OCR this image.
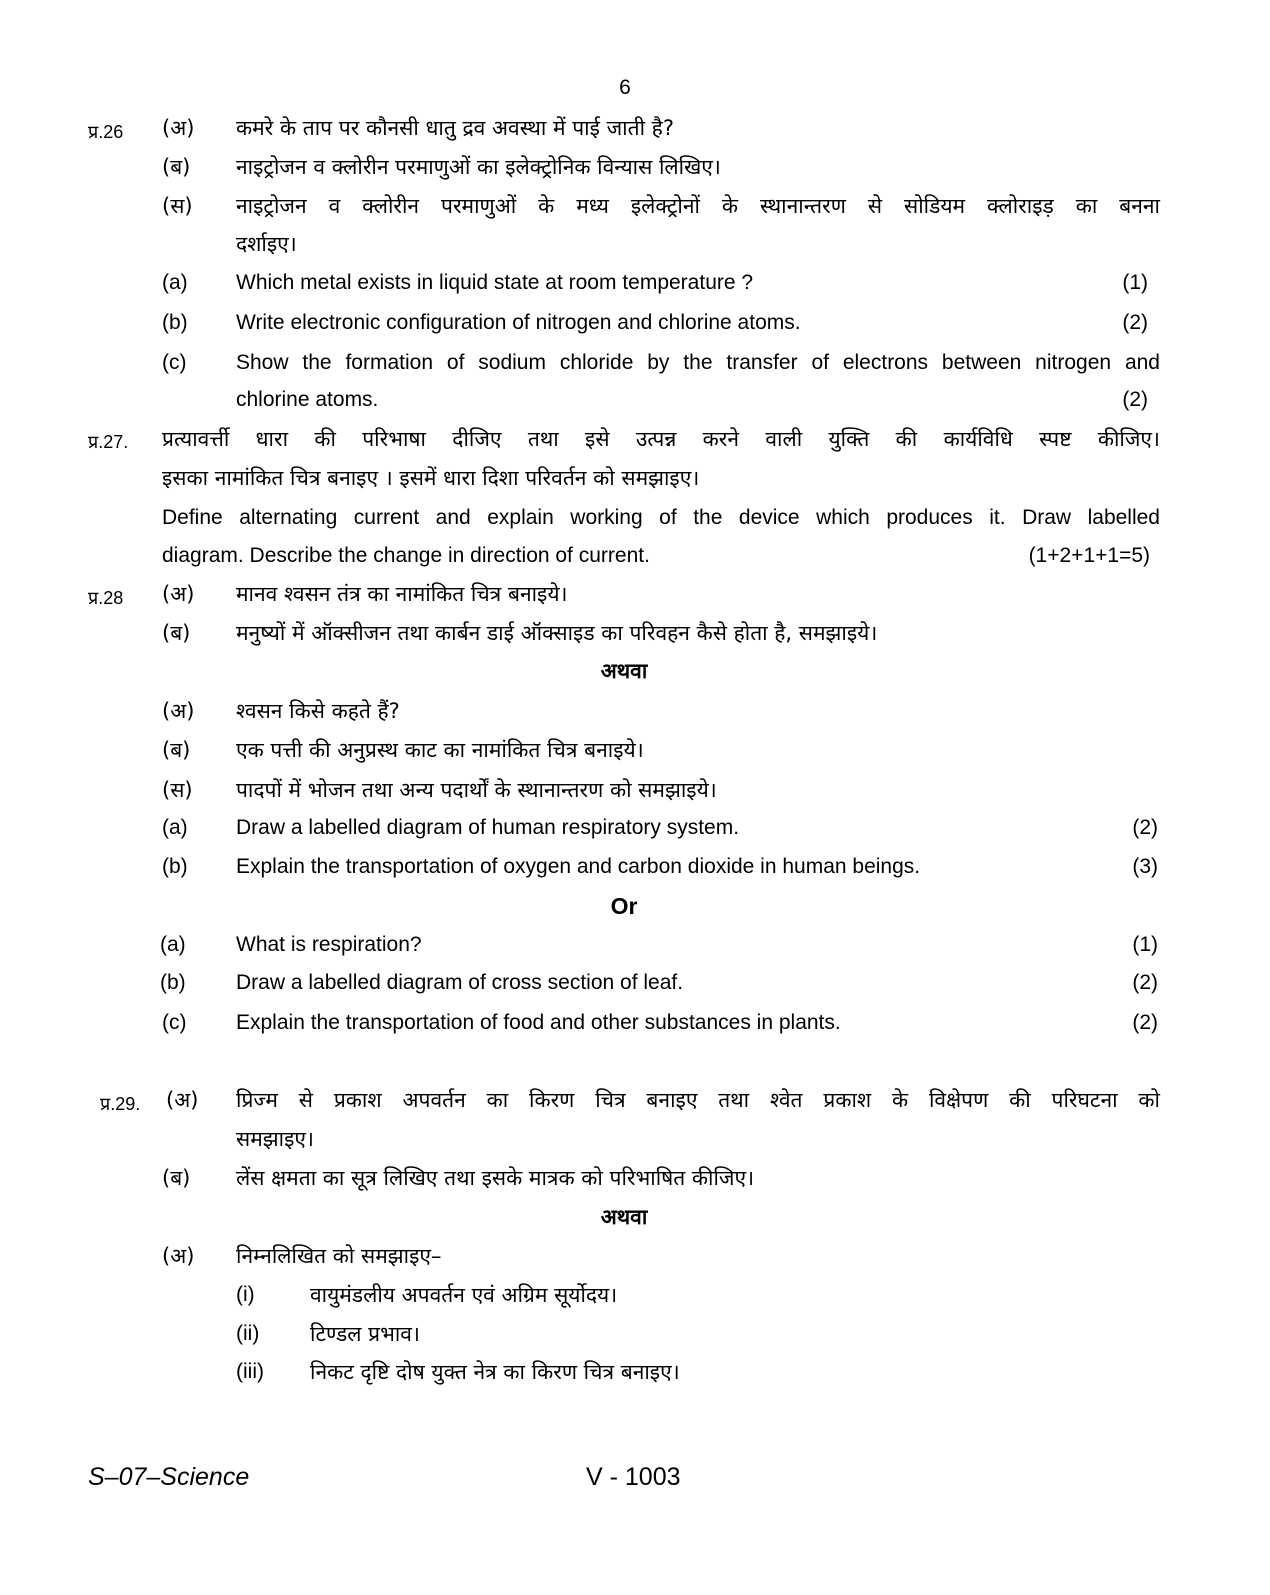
6
प्र.26 (अ) कमरे के ताप पर कौनसी धातु द्रव अवस्था में पाई जाती है?
(ब) नाइट्रोजन व क्लोरीन परमाणुओं का इलेक्ट्रोनिक विन्यास लिखिए।
(स) नाइट्रोजन व क्लोरीन परमाणुओं के मध्य इलेक्ट्रोनों के स्थानान्तरण से सोडियम क्लोराइड़ का बनना
दर्शाइए।
(a) Which metal exists in liquid state at room temperature ?	(1)
(b) Write electronic configuration of nitrogen and chlorine atoms.	(2)
(c) Show the formation of sodium chloride by the transfer of electrons between nitrogen and
chlorine atoms.	(2)
प्र.27. प्रत्यावर्त्ती धारा की परिभाषा दीजिए तथा इसे उत्पन्न करने वाली युक्ति की कार्यविधि स्पष्ट कीजिए।
इसका नामांकित चित्र बनाइए । इसमें धारा दिशा परिवर्तन को समझाइए।
Define alternating current and explain working of the device which produces it. Draw labelled
diagram. Describe the change in direction of current.	(1+2+1+1=5)
प्र.28 (अ) मानव श्वसन तंत्र का नामांकित चित्र बनाइये।
(ब) मनुष्यों में ऑक्सीजन तथा कार्बन डाई ऑक्साइड का परिवहन कैसे होता है, समझाइये।
अथवा
(अ) श्वसन किसे कहते हैं?
(ब) एक पत्ती की अनुप्रस्थ काट का नामांकित चित्र बनाइये।
(स) पादपों में भोजन तथा अन्य पदार्थों के स्थानान्तरण को समझाइये।
(a) Draw a labelled diagram of human respiratory system.	(2)
(b) Explain the transportation of oxygen and carbon dioxide in human beings.	(3)
Or
(a) What is respiration?	(1)
(b) Draw a labelled diagram of cross section of leaf.	(2)
(c) Explain the transportation of food and other substances in plants.	(2)
प्र.29. (अ) प्रिज्म से प्रकाश अपवर्तन का किरण चित्र बनाइए तथा श्वेत प्रकाश के विक्षेपण की परिघटना को
समझाइए।
(ब) लेंस क्षमता का सूत्र लिखिए तथा इसके मात्रक को परिभाषित कीजिए।
अथवा
(अ) निम्नलिखित को समझाइए–
(i)	वायुमंडलीय अपवर्तन एवं अग्रिम सूर्योदय।
(ii) टिण्डल प्रभाव।
(iii) निकट दृष्टि दोष युक्त नेत्र का किरण चित्र बनाइए।
S–07–Science	V - 1003
